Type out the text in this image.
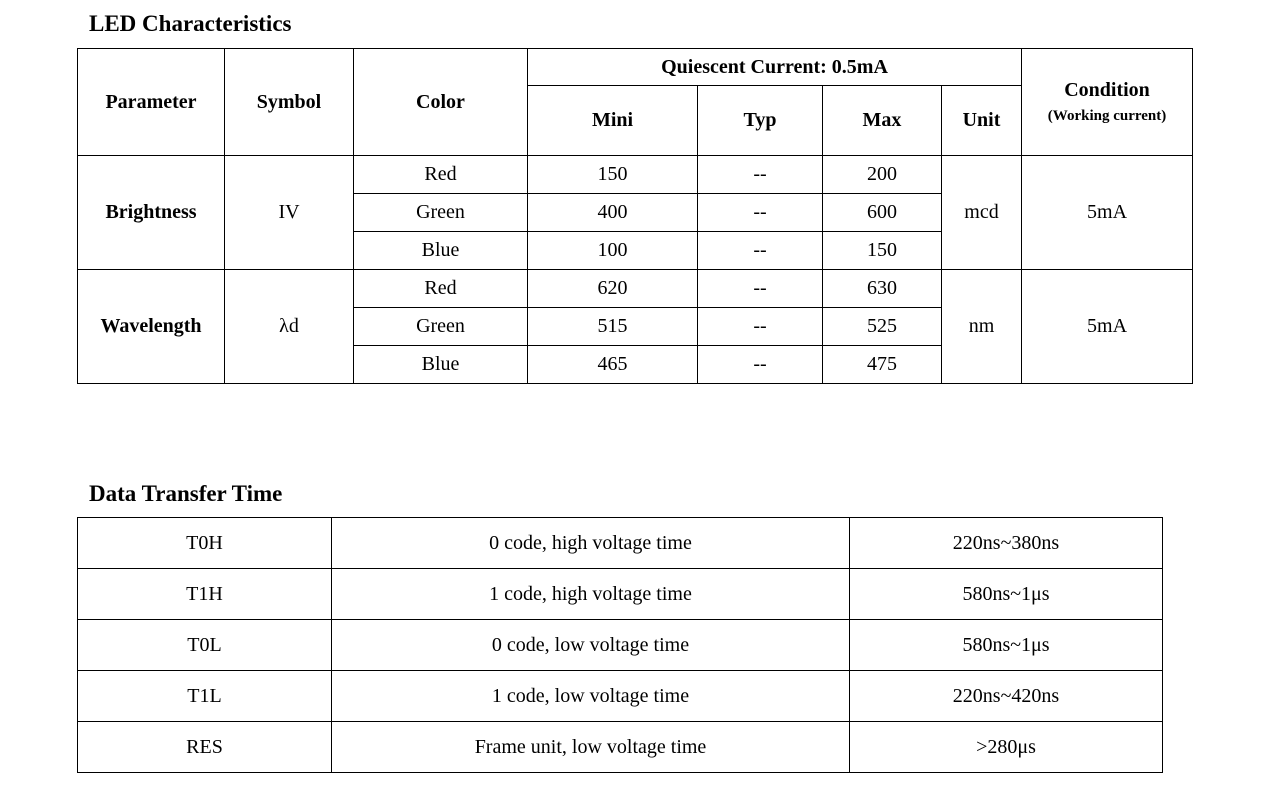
LED Characteristics
Parameter	Symbol	Color	Quiescent Current: 0.5mA				Condition
(Working current)

			Mini	Typ	Max	Unit	
Brightness	IV	Red	150	--	200	mcd	5mA
		Green	400	--	600		
		Blue	100	--	150		
Wavelength	λd	Red	620	--	630	nm	5mA
		Green	515	--	525		
		Blue	465	--	475		
Data Transfer Time
T0H	0 code, high voltage time	220ns~380ns
T1H	1 code, high voltage time	580ns~1μs
T0L	0 code, low voltage time	580ns~1μs
T1L	1 code, low voltage time	220ns~420ns
RES	Frame unit, low voltage time	>280μs
